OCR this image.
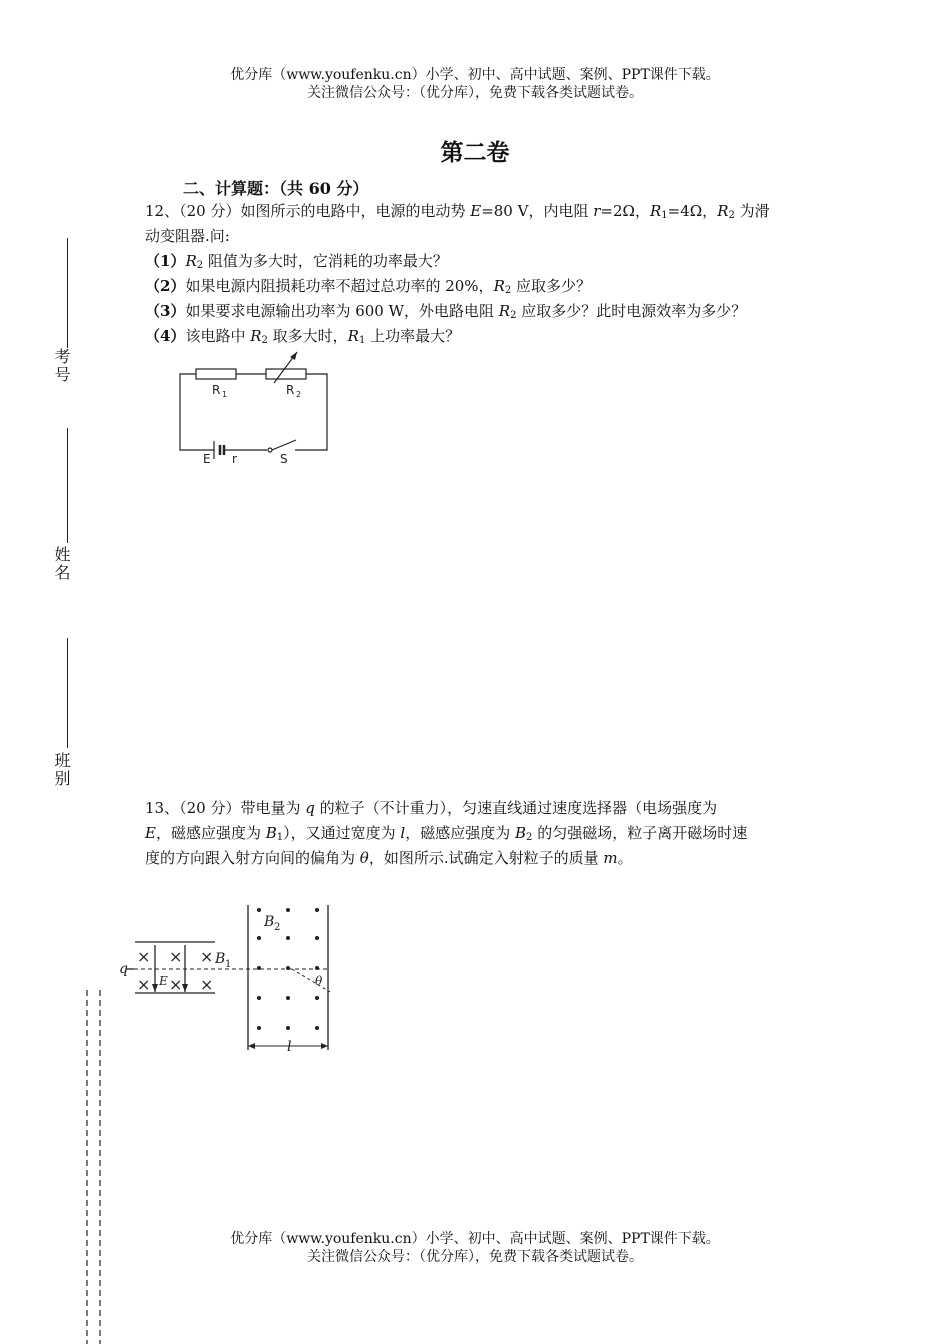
优分库（www.youfenku.cn）小学、初中、高中试题、案例、PPT课件下载。
关注微信公众号：（优分库），免费下载各类试题试卷。
第二卷
二、计算题：（共 60 分）
考号
姓名
班别
12、（20 分）如图所示的电路中，电源的电动势 E=80 V，内电阻 r=2Ω，$R_1=4\Omega$，$R_2$ 为滑
动变阻器.问:
$(1)R_2$ 阻值为多大时，它消耗的功率最大？
（2）如果电源内阻损耗功率不超过总功率的 20%，$R_2$ 应取多少？
（3）如果要求电源输出功率为 600 W，外电路电阻 $R_2$ 应取多少？此时电源效率为多少？
（4）该电路中 $R_2$ 取多大时，$R_1$ 上功率最大？
R 1	R 2
E r	S
13、（20 分）带电量为 q 的粒子（不计重力），匀速直线通过速度选择器（电场强度为
E，磁感应强度为 $B_1$），又通过宽度为 l，磁感应强度为 $B_2$ 的匀强磁场，粒子离开磁场时速
度的方向跟入射方向间的偏角为 θ，如图所示.试确定入射粒子的质量 m。
× × ×
× × ×
q
B 1
E
B 2
θ
l
优分库（www.youfenku.cn）小学、初中、高中试题、案例、PPT课件下载。
关注微信公众号：（优分库），免费下载各类试题试卷。
